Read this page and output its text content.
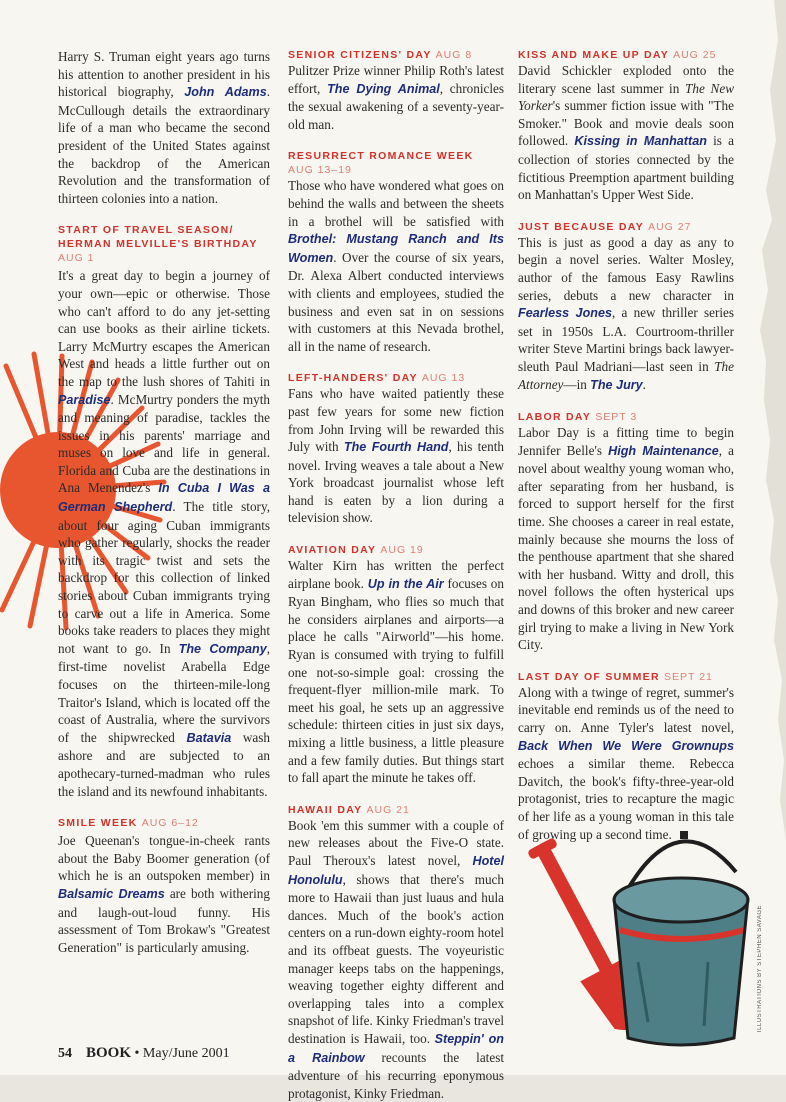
ILLUSTRATIONS BY STEPHEN SAVAGE

Harry S. Truman eight years ago turns his attention to another president in his historical biography, John Adams. McCullough details the extraordinary life of a man who became the second president of the United States against the backdrop of the American Revolution and the transformation of thirteen colonies into a nation.

START OF TRAVEL SEASON/
HERMAN MELVILLE'S BIRTHDAY
AUG 1

It's a great day to begin a journey of your own—epic or otherwise. Those who can't afford to do any jet-setting can use books as their airline tickets. Larry McMurtry escapes the American West and heads a little further out on the map to the lush shores of Tahiti in Paradise. McMurtry ponders the myth and meaning of paradise, tackles the issues in his parents' marriage and muses on love and life in general. Florida and Cuba are the destinations in Ana Menendez's In Cuba I Was a German Shepherd. The title story, about four aging Cuban immigrants who gather regularly, shocks the reader with its tragic twist and sets the backdrop for this collection of linked stories about Cuban immigrants trying to carve out a life in America. Some books take readers to places they might not want to go. In The Company, first-time novelist Arabella Edge focuses on the thirteen-mile-long Traitor's Island, which is located off the coast of Australia, where the survivors of the shipwrecked Batavia wash ashore and are subjected to an apothecary-turned-madman who rules the island and its newfound inhabitants.

SMILE WEEK AUG 6–12

Joe Queenan's tongue-in-cheek rants about the Baby Boomer generation (of which he is an outspoken member) in Balsamic Dreams are both withering and laugh-out-loud funny. His assessment of Tom Brokaw's "Greatest Generation" is particularly amusing.

SENIOR CITIZENS' DAY AUG 8

Pulitzer Prize winner Philip Roth's latest effort, The Dying Animal, chronicles the sexual awakening of a seventy-year-old man.

RESURRECT ROMANCE WEEK
AUG 13–19

Those who have wondered what goes on behind the walls and between the sheets in a brothel will be satisfied with Brothel: Mustang Ranch and Its Women. Over the course of six years, Dr. Alexa Albert conducted interviews with clients and employees, studied the business and even sat in on sessions with customers at this Nevada brothel, all in the name of research.

LEFT-HANDERS' DAY AUG 13

Fans who have waited patiently these past few years for some new fiction from John Irving will be rewarded this July with The Fourth Hand, his tenth novel. Irving weaves a tale about a New York broadcast journalist whose left hand is eaten by a lion during a television show.

AVIATION DAY AUG 19

Walter Kirn has written the perfect airplane book. Up in the Air focuses on Ryan Bingham, who flies so much that he considers airplanes and airports—a place he calls "Airworld"—his home. Ryan is consumed with trying to fulfill one not-so-simple goal: crossing the frequent-flyer million-mile mark. To meet his goal, he sets up an aggressive schedule: thirteen cities in just six days, mixing a little business, a little pleasure and a few family duties. But things start to fall apart the minute he takes off.

HAWAII DAY AUG 21

Book 'em this summer with a couple of new releases about the Five-O state. Paul Theroux's latest novel, Hotel Honolulu, shows that there's much more to Hawaii than just luaus and hula dances. Much of the book's action centers on a run-down eighty-room hotel and its offbeat guests. The voyeuristic manager keeps tabs on the happenings, weaving together eighty different and overlapping tales into a complex snapshot of life. Kinky Friedman's travel destination is Hawaii, too. Steppin' on a Rainbow recounts the latest adventure of his recurring eponymous protagonist, Kinky Friedman.

KISS AND MAKE UP DAY AUG 25

David Schickler exploded onto the literary scene last summer in The New Yorker's summer fiction issue with "The Smoker." Book and movie deals soon followed. Kissing in Manhattan is a collection of stories connected by the fictitious Preemption apartment building on Manhattan's Upper West Side.

JUST BECAUSE DAY AUG 27

This is just as good a day as any to begin a novel series. Walter Mosley, author of the famous Easy Rawlins series, debuts a new character in Fearless Jones, a new thriller series set in 1950s L.A. Courtroom-thriller writer Steve Martini brings back lawyer-sleuth Paul Madriani—last seen in The Attorney—in The Jury.

LABOR DAY SEPT 3

Labor Day is a fitting time to begin Jennifer Belle's High Maintenance, a novel about wealthy young woman who, after separating from her husband, is forced to support herself for the first time. She chooses a career in real estate, mainly because she mourns the loss of the penthouse apartment that she shared with her husband. Witty and droll, this novel follows the often hysterical ups and downs of this broker and new career girl trying to make a living in New York City.

LAST DAY OF SUMMER SEPT 21

Along with a twinge of regret, summer's inevitable end reminds us of the need to carry on. Anne Tyler's latest novel, Back When We Were Grownups echoes a similar theme. Rebecca Davitch, the book's fifty-three-year-old protagonist, tries to recapture the magic of her life as a young woman in this tale of growing up a second time.

54 BOOK • May/June 2001
